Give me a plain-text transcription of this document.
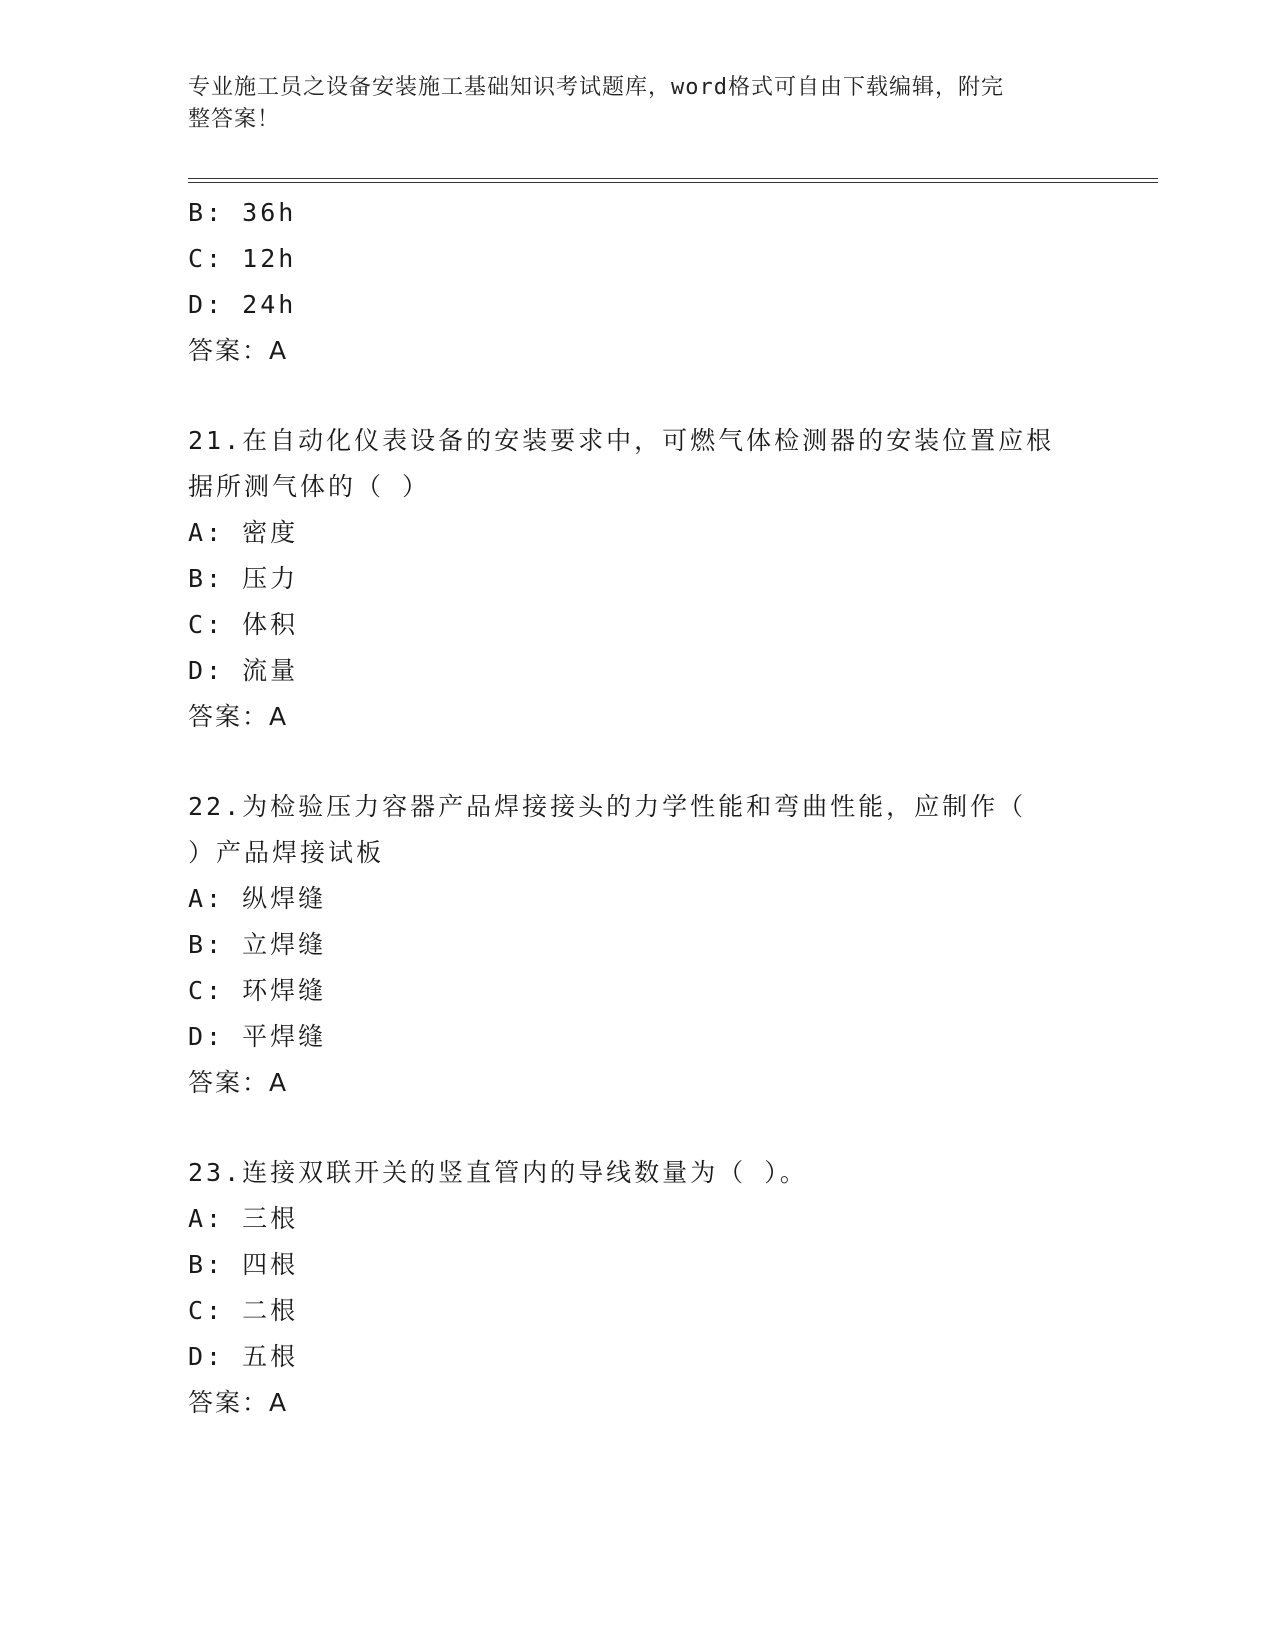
专业施工员之设备安装施工基础知识考试题库，word格式可自由下载编辑，附完
整答案！
B: 36h
C: 12h
D: 24h
答案：A
21.在自动化仪表设备的安装要求中，可燃气体检测器的安装位置应根
据所测气体的（ ）
A: 密度
B: 压力
C: 体积
D: 流量
答案：A
22.为检验压力容器产品焊接接头的力学性能和弯曲性能，应制作（
）产品焊接试板
A: 纵焊缝
B: 立焊缝
C: 环焊缝
D: 平焊缝
答案：A
23.连接双联开关的竖直管内的导线数量为（ ）。
A: 三根
B: 四根
C: 二根
D: 五根
答案：A
